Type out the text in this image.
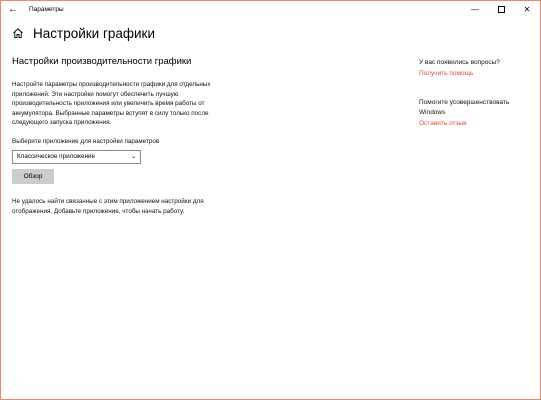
←	Параметры	—	✕
Настройки графики
Настройки производительности графики

Настройте параметры производительности графики для отдельных приложений. Эти настройки помогут обеспечить лучшую производительность приложения или увеличить время работы от аккумулятора. Выбранные параметры вступят в силу только после следующего запуска приложения.

Выберите приложение для настройки параметров
Классическое приложение	⌄
Обзор

Не удалось найти связанные с этим приложением настройки для отображения. Добавьте приложение, чтобы начать работу.

У вас появились вопросы?
Получить помощь
Помогите усовершенствовать Windows
Оставить отзыв
